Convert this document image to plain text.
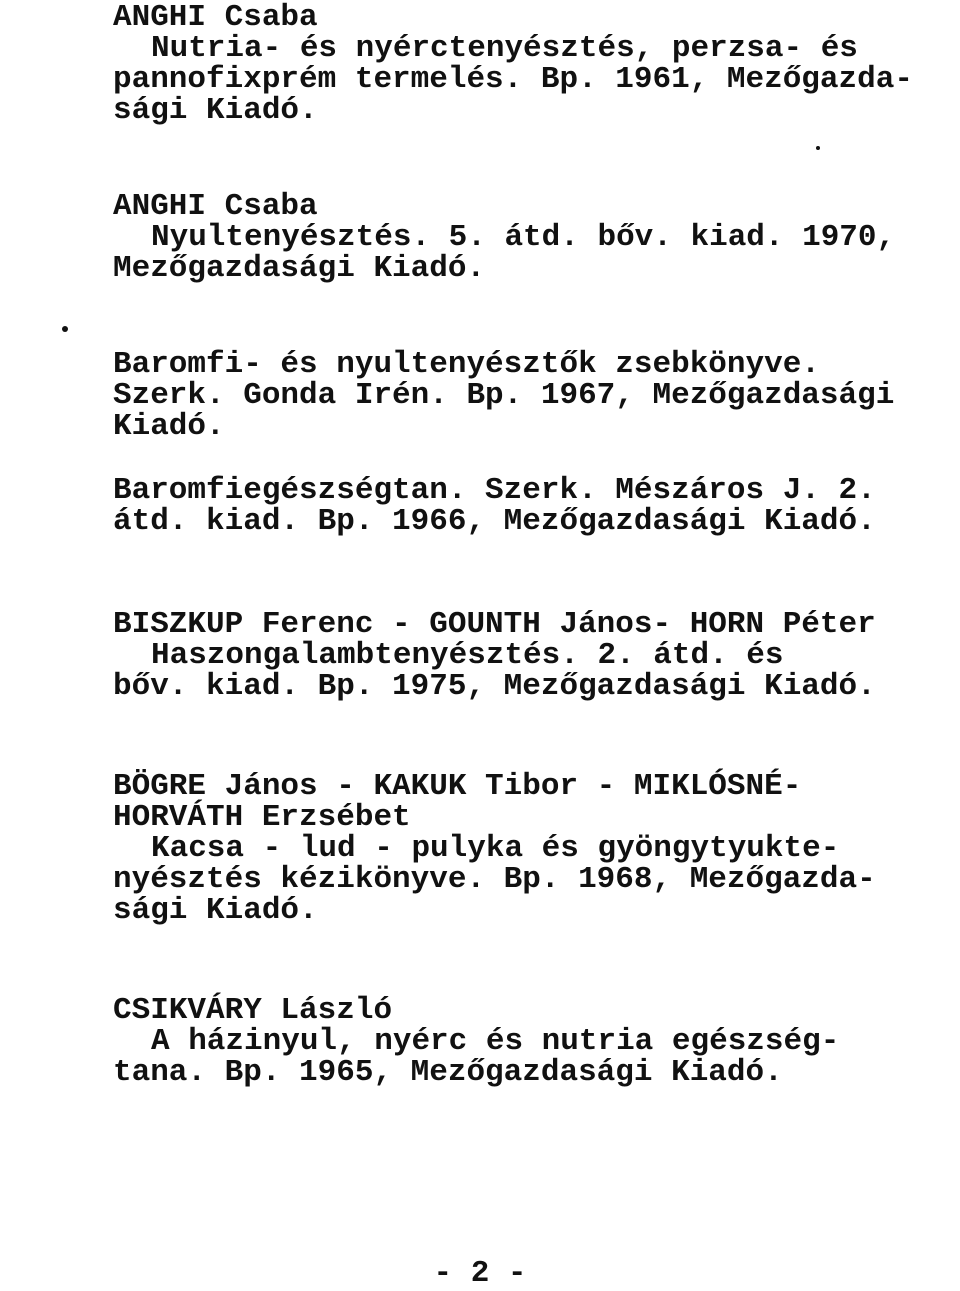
ANGHI Csaba
Nutria- és nyérctenyésztés, perzsa- és
pannofixprém termelés. Bp. 1961, Mezőgazda-
sági Kiadó.
ANGHI Csaba
Nyultenyésztés. 5. átd. bőv. kiad. 1970,
Mezőgazdasági Kiadó.
Baromfi- és nyultenyésztők zsebkönyve.
Szerk. Gonda Irén. Bp. 1967, Mezőgazdasági
Kiadó.
Baromfiegészségtan. Szerk. Mészáros J. 2.
átd. kiad. Bp. 1966, Mezőgazdasági Kiadó.
BISZKUP Ferenc - GOUNTH János- HORN Péter
Haszongalambtenyésztés. 2. átd. és
bőv. kiad. Bp. 1975, Mezőgazdasági Kiadó.
BÖGRE János - KAKUK Tibor - MIKLÓSNÉ-
HORVÁTH Erzsébet
Kacsa - lud - pulyka és gyöngytyukte-
nyésztés kézikönyve. Bp. 1968, Mezőgazda-
sági Kiadó.
CSIKVÁRY László
A házinyul, nyérc és nutria egészség-
tana. Bp. 1965, Mezőgazdasági Kiadó.
- 2 -
